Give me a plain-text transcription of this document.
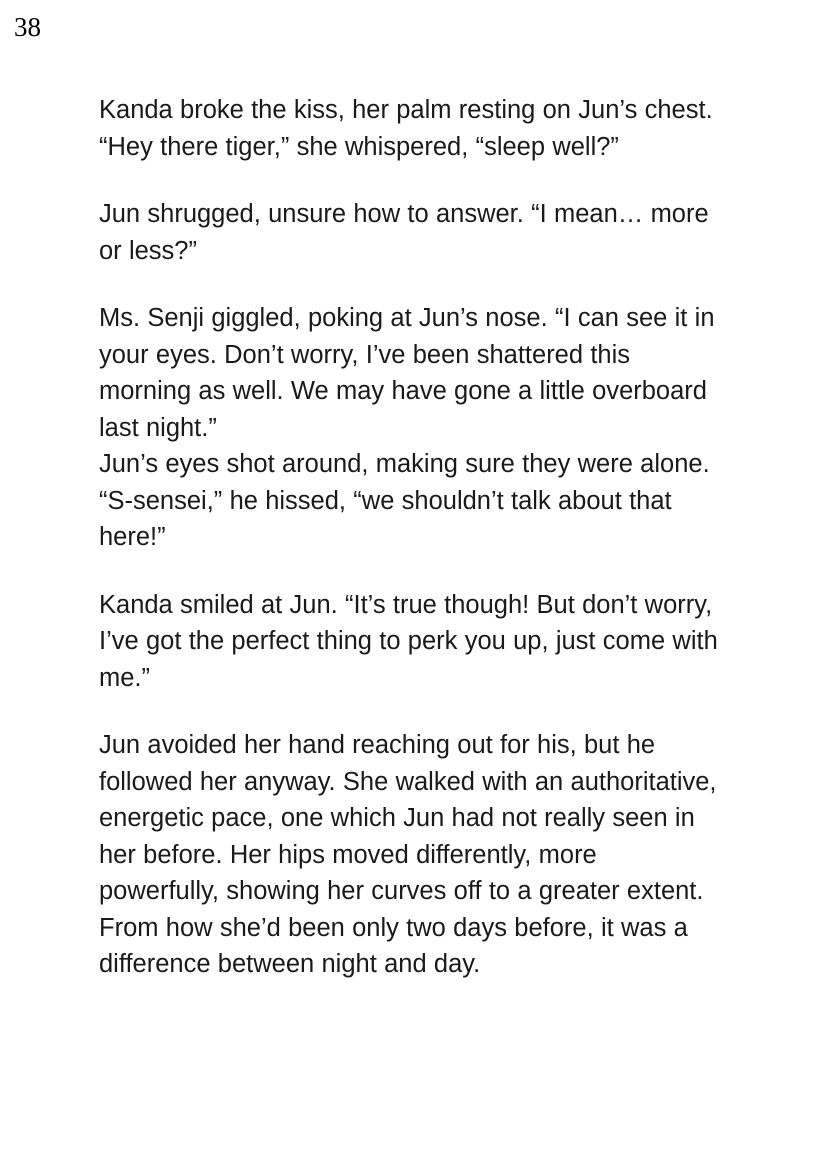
38

Kanda broke the kiss, her palm resting on Jun’s chest. “Hey there tiger,” she whispered, “sleep well?”

Jun shrugged, unsure how to answer. “I mean… more or less?”

Ms. Senji giggled, poking at Jun’s nose. “I can see it in your eyes. Don’t worry, I’ve been shattered this morning as well. We may have gone a little overboard last night.”

Jun’s eyes shot around, making sure they were alone. “S-sensei,” he hissed, “we shouldn’t talk about that here!”

Kanda smiled at Jun. “It’s true though! But don’t worry, I’ve got the perfect thing to perk you up, just come with me.”

Jun avoided her hand reaching out for his, but he followed her anyway. She walked with an authoritative, energetic pace, one which Jun had not really seen in her before. Her hips moved differently, more powerfully, showing her curves off to a greater extent. From how she’d been only two days before, it was a difference between night and day.
